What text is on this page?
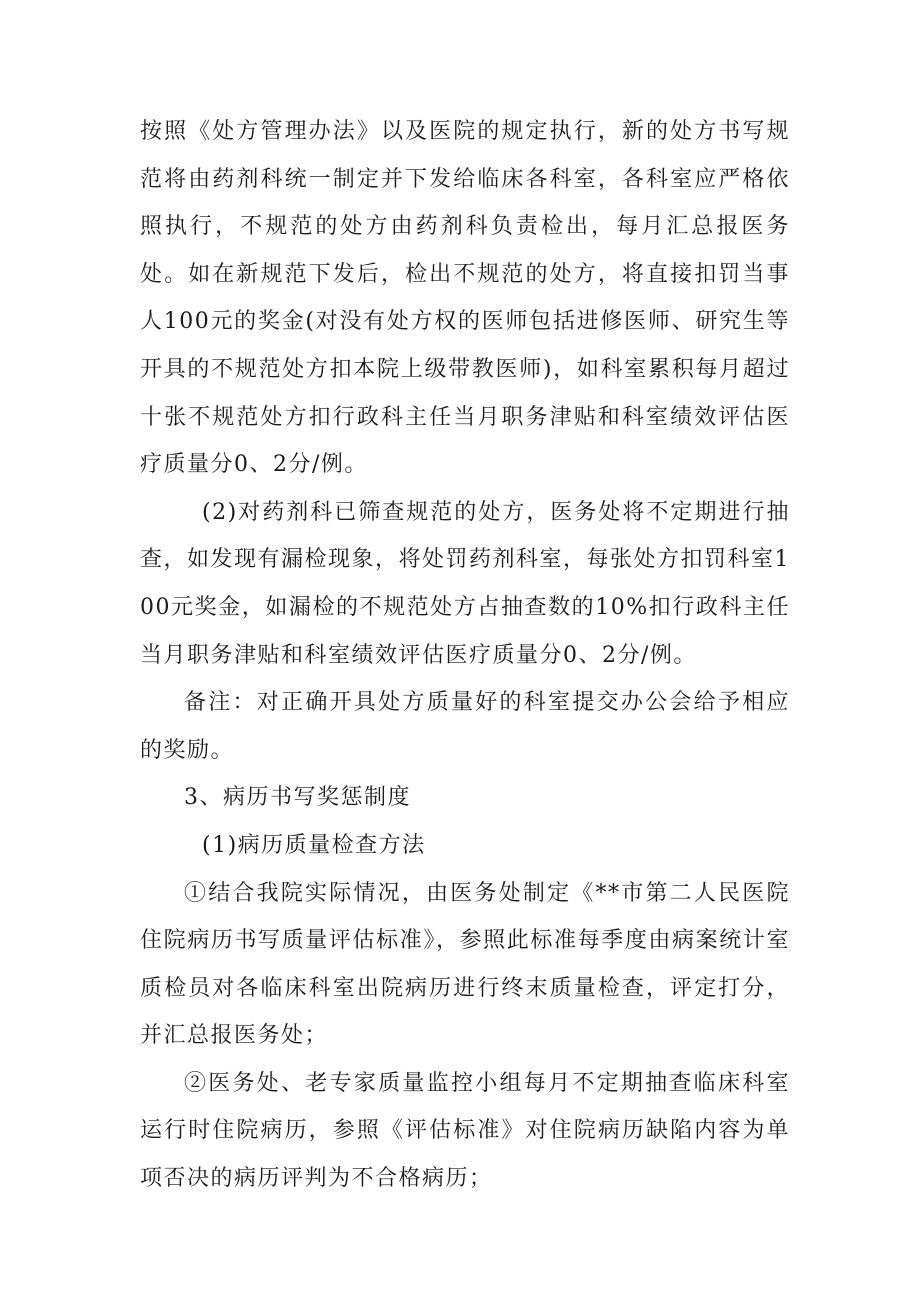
按照《处方管理办法》以及医院的规定执行，新的处方书写规范将由药剂科统一制定并下发给临床各科室，各科室应严格依照执行，不规范的处方由药剂科负责检出，每月汇总报医务处。如在新规范下发后，检出不规范的处方，将直接扣罚当事人100元的奖金(对没有处方权的医师包括进修医师、研究生等开具的不规范处方扣本院上级带教医师)，如科室累积每月超过十张不规范处方扣行政科主任当月职务津贴和科室绩效评估医疗质量分0、2分/例。

(2)对药剂科已筛查规范的处方，医务处将不定期进行抽查，如发现有漏检现象，将处罚药剂科室，每张处方扣罚科室100元奖金，如漏检的不规范处方占抽查数的10%扣行政科主任当月职务津贴和科室绩效评估医疗质量分0、2分/例。

备注：对正确开具处方质量好的科室提交办公会给予相应的奖励。

3、病历书写奖惩制度

(1)病历质量检查方法

①结合我院实际情况，由医务处制定《**市第二人民医院住院病历书写质量评估标准》，参照此标准每季度由病案统计室质检员对各临床科室出院病历进行终末质量检查，评定打分，并汇总报医务处；

②医务处、老专家质量监控小组每月不定期抽查临床科室运行时住院病历，参照《评估标准》对住院病历缺陷内容为单项否决的病历评判为不合格病历；
